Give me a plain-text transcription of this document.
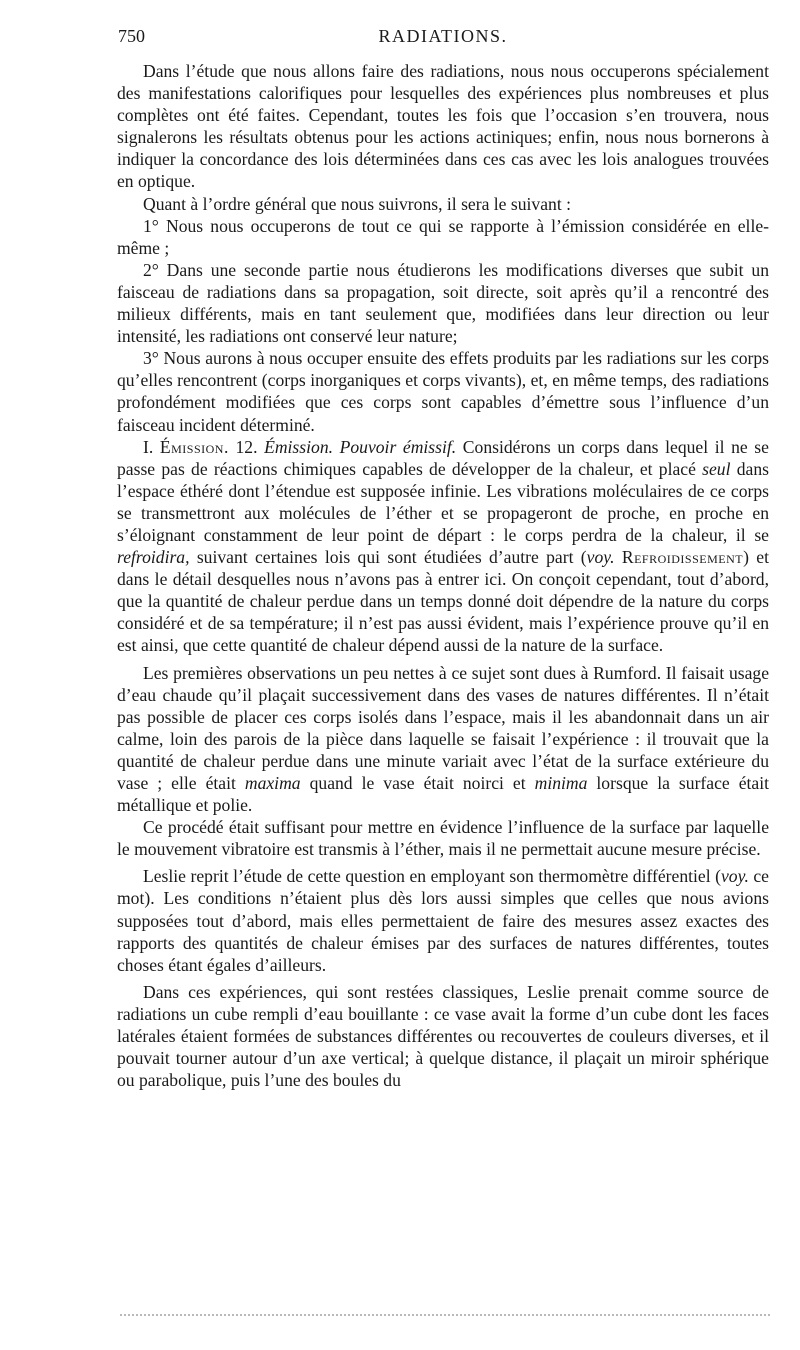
750	RADIATIONS.

Dans l’étude que nous allons faire des radiations, nous nous occuperons spécialement des manifestations calorifiques pour lesquelles des expériences plus nombreuses et plus complètes ont été faites. Cependant, toutes les fois que l’occasion s’en trouvera, nous signalerons les résultats obtenus pour les actions actiniques; enfin, nous nous bornerons à indiquer la concordance des lois déterminées dans ces cas avec les lois analogues trouvées en optique.

Quant à l’ordre général que nous suivrons, il sera le suivant :

1° Nous nous occuperons de tout ce qui se rapporte à l’émission considérée en elle-même ;

2° Dans une seconde partie nous étudierons les modifications diverses que subit un faisceau de radiations dans sa propagation, soit directe, soit après qu’il a rencontré des milieux différents, mais en tant seulement que, modifiées dans leur direction ou leur intensité, les radiations ont conservé leur nature;

3° Nous aurons à nous occuper ensuite des effets produits par les radiations sur les corps qu’elles rencontrent (corps inorganiques et corps vivants), et, en même temps, des radiations profondément modifiées que ces corps sont capables d’émettre sous l’influence d’un faisceau incident déterminé.

I. Émission. 12. Émission. Pouvoir émissif. Considérons un corps dans lequel il ne se passe pas de réactions chimiques capables de développer de la chaleur, et placé seul dans l’espace éthéré dont l’étendue est supposée infinie. Les vibrations moléculaires de ce corps se transmettront aux molécules de l’éther et se propageront de proche, en proche en s’éloignant constamment de leur point de départ : le corps perdra de la chaleur, il se refroidira, suivant certaines lois qui sont étudiées d’autre part (voy. Refroidissement) et dans le détail desquelles nous n’avons pas à entrer ici. On conçoit cependant, tout d’abord, que la quantité de chaleur perdue dans un temps donné doit dépendre de la nature du corps considéré et de sa température; il n’est pas aussi évident, mais l’expérience prouve qu’il en est ainsi, que cette quantité de chaleur dépend aussi de la nature de la surface.

Les premières observations un peu nettes à ce sujet sont dues à Rumford. Il faisait usage d’eau chaude qu’il plaçait successivement dans des vases de natures différentes. Il n’était pas possible de placer ces corps isolés dans l’espace, mais il les abandonnait dans un air calme, loin des parois de la pièce dans laquelle se faisait l’expérience : il trouvait que la quantité de chaleur perdue dans une minute variait avec l’état de la surface extérieure du vase ; elle était maxima quand le vase était noirci et minima lorsque la surface était métallique et polie.

Ce procédé était suffisant pour mettre en évidence l’influence de la surface par laquelle le mouvement vibratoire est transmis à l’éther, mais il ne permettait aucune mesure précise.

Leslie reprit l’étude de cette question en employant son thermomètre différentiel (voy. ce mot). Les conditions n’étaient plus dès lors aussi simples que celles que nous avions supposées tout d’abord, mais elles permettaient de faire des mesures assez exactes des rapports des quantités de chaleur émises par des surfaces de natures différentes, toutes choses étant égales d’ailleurs.

Dans ces expériences, qui sont restées classiques, Leslie prenait comme source de radiations un cube rempli d’eau bouillante : ce vase avait la forme d’un cube dont les faces latérales étaient formées de substances différentes ou recouvertes de couleurs diverses, et il pouvait tourner autour d’un axe vertical; à quelque distance, il plaçait un miroir sphérique ou parabolique, puis l’une des boules du
